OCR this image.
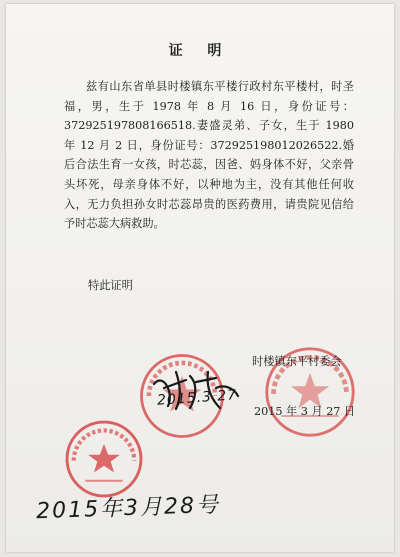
证 明

兹有山东省单县时楼镇东平楼行政村东平楼村，时圣福，男，生于 1978 年 8 月 16 日，身份证号：372925197808166518.妻盛灵弟、子女，生于 1980 年 12 月 2 日，身份证号：372925198012026522.婚后合法生育一女孩，时芯蕊，因爸、妈身体不好，父亲骨头坏死，母亲身体不好，以种地为主，没有其他任何收入，无力负担孙女时芯蕊昂贵的医药费用，请贵院见信给予时芯蕊大病救助。

特此证明
时楼镇东平村委会
2015.3.27
2015 年 3 月 27 日
2015年3月28号
